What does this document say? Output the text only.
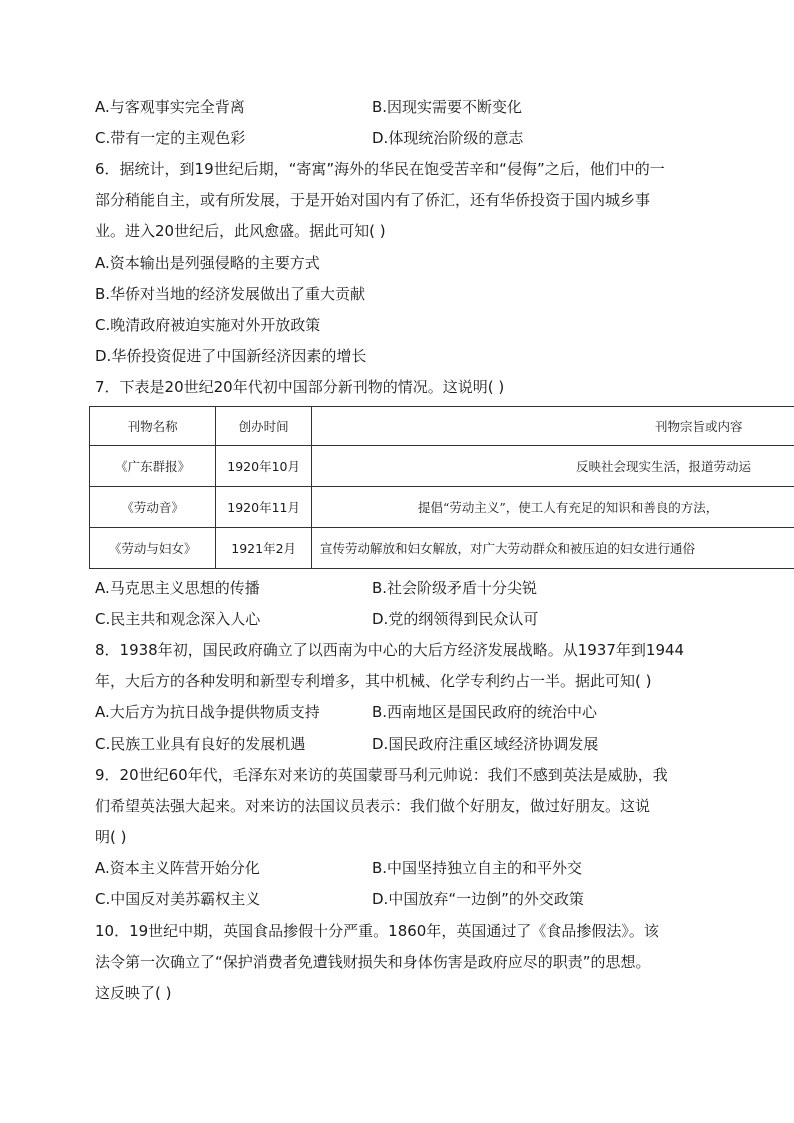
A.与客观事实完全背离	B.因现实需要不断变化
C.带有一定的主观色彩	D.体现统治阶级的意志
6．据统计，到19世纪后期，“寄寓”海外的华民在饱受苦辛和“侵侮”之后，他们中的一
部分稍能自主，或有所发展，于是开始对国内有了侨汇，还有华侨投资于国内城乡事
业。进入20世纪后，此风愈盛。据此可知( )
A.资本输出是列强侵略的主要方式
B.华侨对当地的经济发展做出了重大贡献
C.晚清政府被迫实施对外开放政策
D.华侨投资促进了中国新经济因素的增长
7．下表是20世纪20年代初中国部分新刊物的情况。这说明( )
刊物名称	创办时间	刊物宗旨或内容

《广东群报》	1920年10月	反映社会现实生活，报道劳动运

《劳动音》	1920年11月	提倡“劳动主义”，使工人有充足的知识和善良的方法，

《劳动与妇女》	1921年2月	宣传劳动解放和妇女解放，对广大劳动群众和被压迫的妇女进行通俗
A.马克思主义思想的传播	B.社会阶级矛盾十分尖锐
C.民主共和观念深入人心	D.党的纲领得到民众认可
8．1938年初，国民政府确立了以西南为中心的大后方经济发展战略。从1937年到1944
年，大后方的各种发明和新型专利增多，其中机械、化学专利约占一半。据此可知( )
A.大后方为抗日战争提供物质支持	B.西南地区是国民政府的统治中心
C.民族工业具有良好的发展机遇	D.国民政府注重区域经济协调发展
9．20世纪60年代，毛泽东对来访的英国蒙哥马利元帅说：我们不感到英法是威胁，我
们希望英法强大起来。对来访的法国议员表示：我们做个好朋友，做过好朋友。这说
明( )
A.资本主义阵营开始分化	B.中国坚持独立自主的和平外交
C.中国反对美苏霸权主义	D.中国放弃“一边倒”的外交政策
10．19世纪中期，英国食品掺假十分严重。1860年，英国通过了《食品掺假法》。该
法令第一次确立了“保护消费者免遭钱财损失和身体伤害是政府应尽的职责”的思想。
这反映了( )
